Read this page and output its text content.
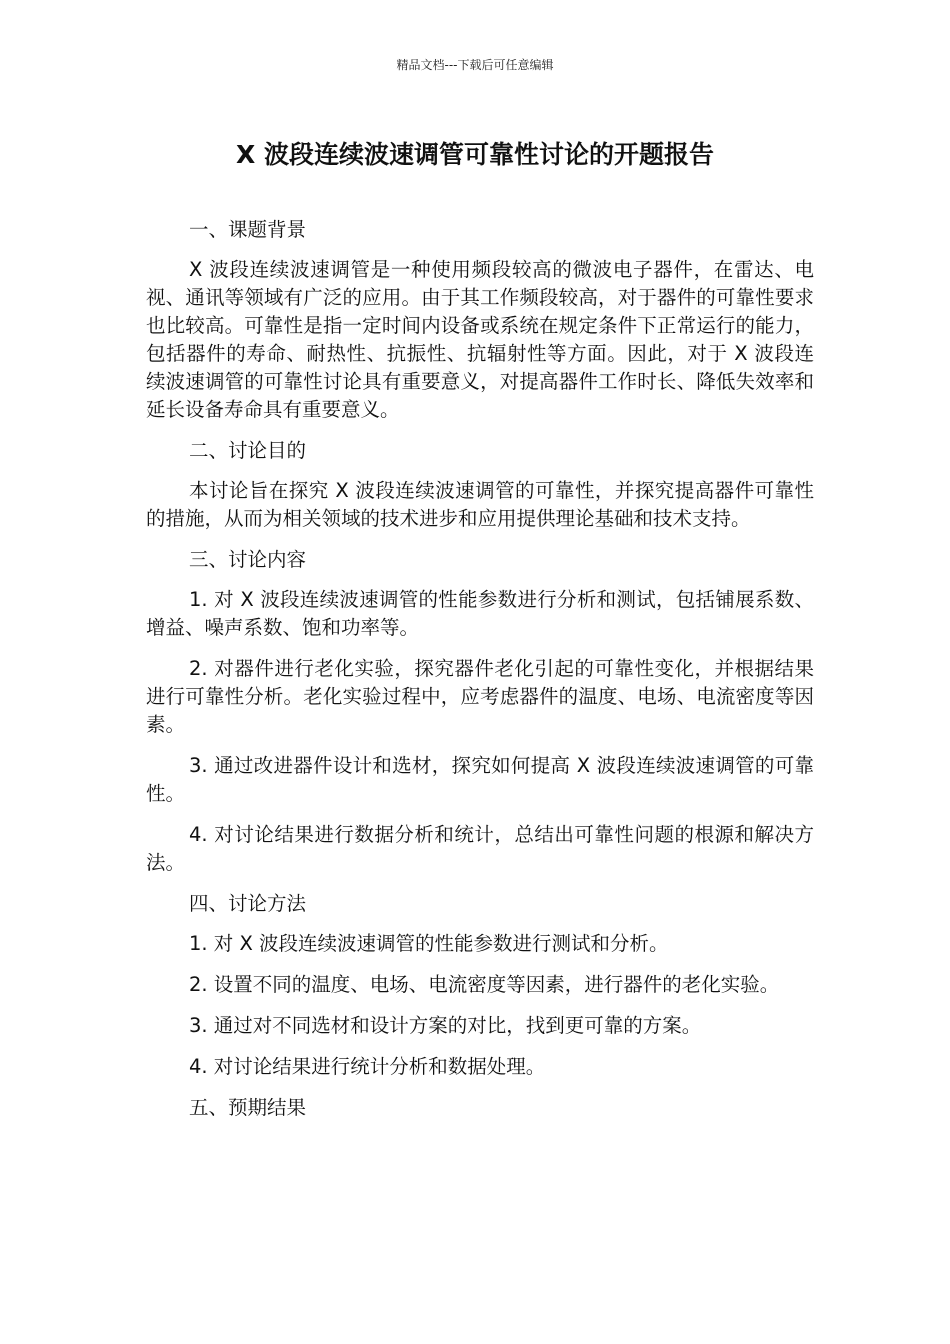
精品文档---下载后可任意编辑
X 波段连续波速调管可靠性讨论的开题报告

一、课题背景

X 波段连续波速调管是一种使用频段较高的微波电子器件，在雷达、电视、通讯等领域有广泛的应用。由于其工作频段较高，对于器件的可靠性要求也比较高。可靠性是指一定时间内设备或系统在规定条件下正常运行的能力，包括器件的寿命、耐热性、抗振性、抗辐射性等方面。因此，对于 X 波段连续波速调管的可靠性讨论具有重要意义，对提高器件工作时长、降低失效率和延长设备寿命具有重要意义。

二、讨论目的

本讨论旨在探究 X 波段连续波速调管的可靠性，并探究提高器件可靠性的措施，从而为相关领域的技术进步和应用提供理论基础和技术支持。

三、讨论内容

1. 对 X 波段连续波速调管的性能参数进行分析和测试，包括铺展系数、增益、噪声系数、饱和功率等。

2. 对器件进行老化实验，探究器件老化引起的可靠性变化，并根据结果进行可靠性分析。老化实验过程中，应考虑器件的温度、电场、电流密度等因素。

3. 通过改进器件设计和选材，探究如何提高 X 波段连续波速调管的可靠性。

4. 对讨论结果进行数据分析和统计，总结出可靠性问题的根源和解决方法。

四、讨论方法

1. 对 X 波段连续波速调管的性能参数进行测试和分析。

2. 设置不同的温度、电场、电流密度等因素，进行器件的老化实验。

3. 通过对不同选材和设计方案的对比，找到更可靠的方案。

4. 对讨论结果进行统计分析和数据处理。

五、预期结果
